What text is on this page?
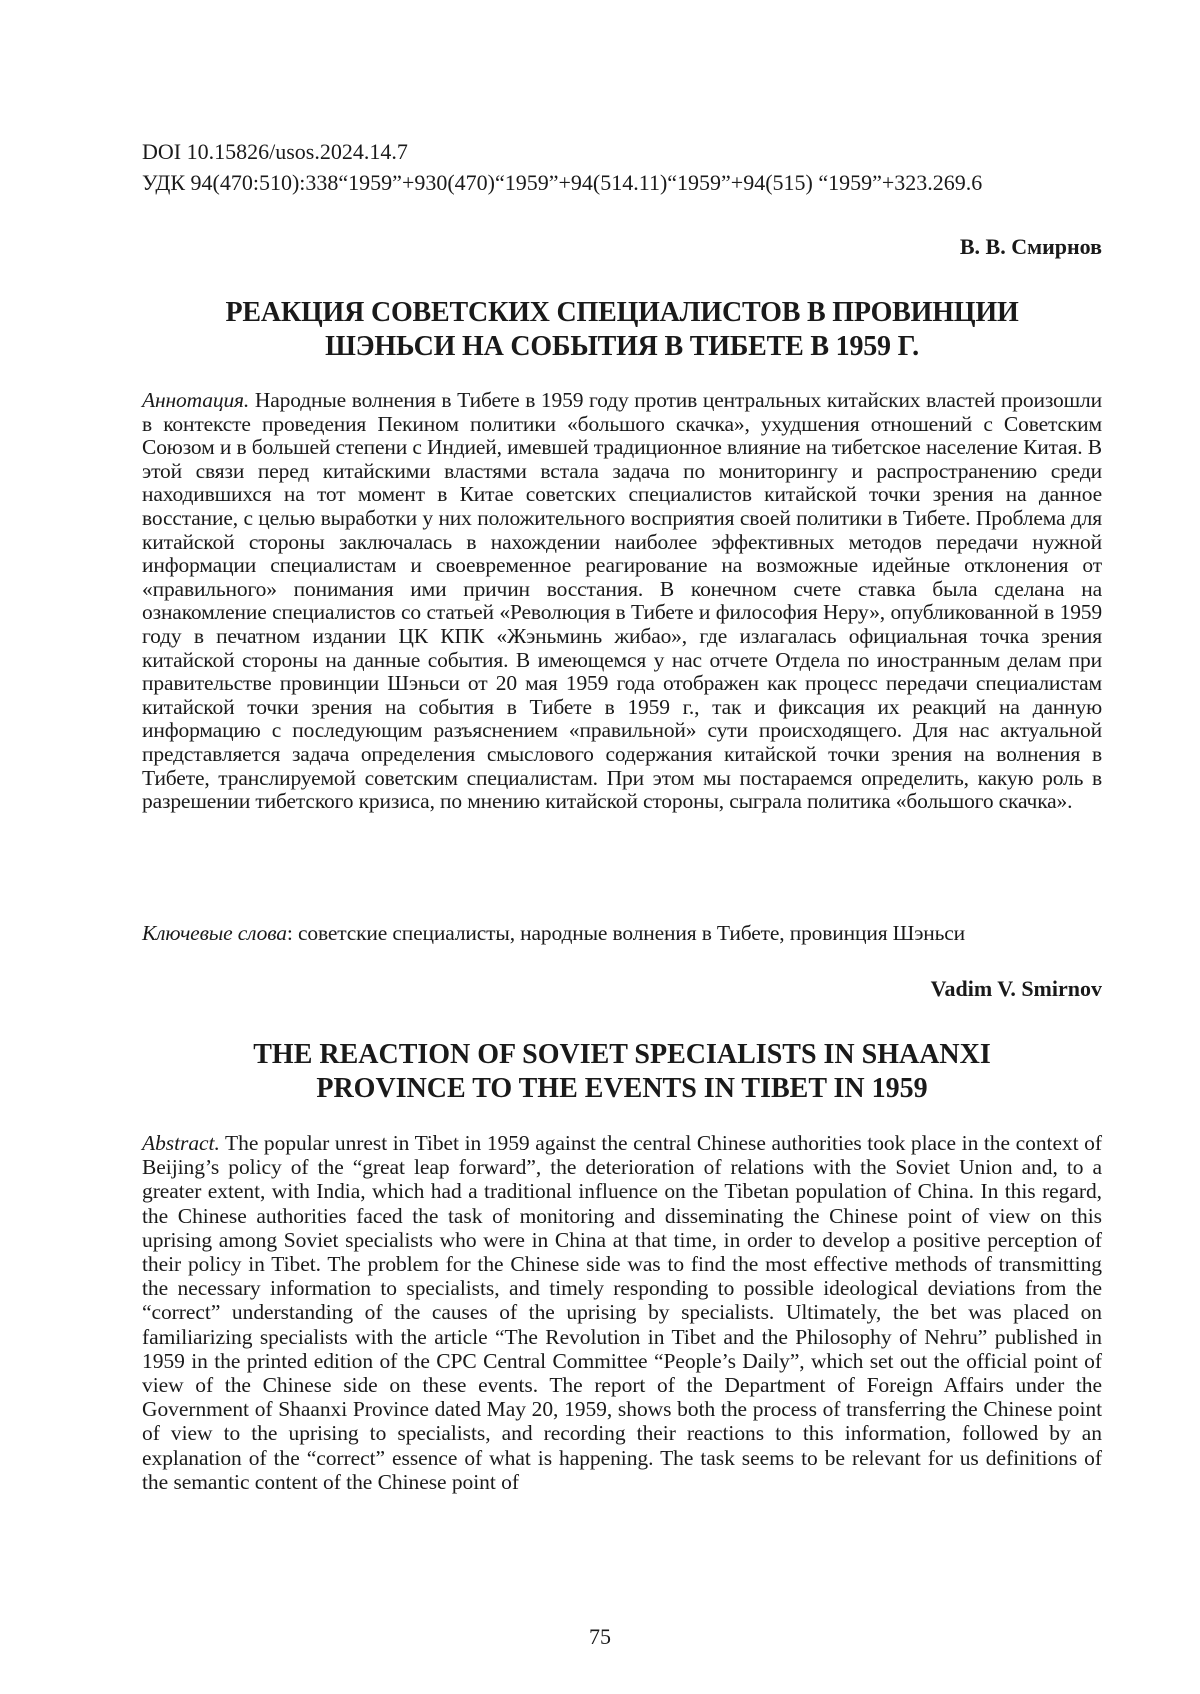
DOI 10.15826/usos.2024.14.7
УДК 94(470:510):338“1959”+930(470)“1959”+94(514.11)“1959”+94(515) “1959”+323.269.6
В. В. Смирнов
РЕАКЦИЯ СОВЕТСКИХ СПЕЦИАЛИСТОВ В ПРОВИНЦИИ
ШЭНЬСИ НА СОБЫТИЯ В ТИБЕТЕ В 1959 Г.

Аннотация. Народные волнения в Тибете в 1959 году против центральных китайских властей произошли в контексте проведения Пекином политики «большого скачка», ухудшения отношений с Советским Союзом и в большей степени с Индией, имевшей традиционное влияние на тибетское население Китая. В этой связи перед китайскими властями встала задача по мониторингу и распространению среди находившихся на тот момент в Китае советских специалистов китайской точки зрения на данное восстание, с целью выработки у них положительного восприятия своей политики в Тибете. Проблема для китайской стороны заключалась в нахождении наиболее эффективных методов передачи нужной информации специалистам и своевременное реагирование на возможные идейные отклонения от «правильного» понимания ими причин восстания. В конечном счете ставка была сделана на ознакомление специалистов со статьей «Революция в Тибете и философия Неру», опубликованной в 1959 году в печатном издании ЦК КПК «Жэньминь жибао», где излагалась официальная точка зрения китайской стороны на данные события. В имеющемся у нас отчете Отдела по иностранным делам при правительстве провинции Шэньси от 20 мая 1959 года отображен как процесс передачи специалистам китайской точки зрения на события в Тибете в 1959 г., так и фиксация их реакций на данную информацию с последующим разъяснением «правильной» сути происходящего. Для нас актуальной представляется задача определения смыслового содержания китайской точки зрения на волнения в Тибете, транслируемой советским специалистам. При этом мы постараемся определить, какую роль в разрешении тибетского кризиса, по мнению китайской стороны, сыграла политика «большого скачка».

Ключевые слова: советские специалисты, народные волнения в Тибете, провинция Шэньси
Vadim V. Smirnov
THE REACTION OF SOVIET SPECIALISTS IN SHAANXI
PROVINCE TO THE EVENTS IN TIBET IN 1959

Abstract. The popular unrest in Tibet in 1959 against the central Chinese authorities took place in the context of Beijing’s policy of the “great leap forward”, the deterioration of relations with the Soviet Union and, to a greater extent, with India, which had a traditional influence on the Tibetan population of China. In this regard, the Chinese authorities faced the task of monitoring and disseminating the Chinese point of view on this uprising among Soviet specialists who were in China at that time, in order to develop a positive perception of their policy in Tibet. The problem for the Chinese side was to find the most effective methods of transmitting the necessary information to specialists, and timely responding to possible ideological deviations from the “correct” understanding of the causes of the uprising by specialists. Ultimately, the bet was placed on familiarizing specialists with the article “The Revolution in Tibet and the Philosophy of Nehru” published in 1959 in the printed edition of the CPC Central Committee “People’s Daily”, which set out the official point of view of the Chinese side on these events. The report of the Department of Foreign Affairs under the Government of Shaanxi Province dated May 20, 1959, shows both the process of transferring the Chinese point of view to the uprising to specialists, and recording their reactions to this information, followed by an explanation of the “correct” essence of what is happening. The task seems to be relevant for us definitions of the semantic content of the Chinese point of

75
